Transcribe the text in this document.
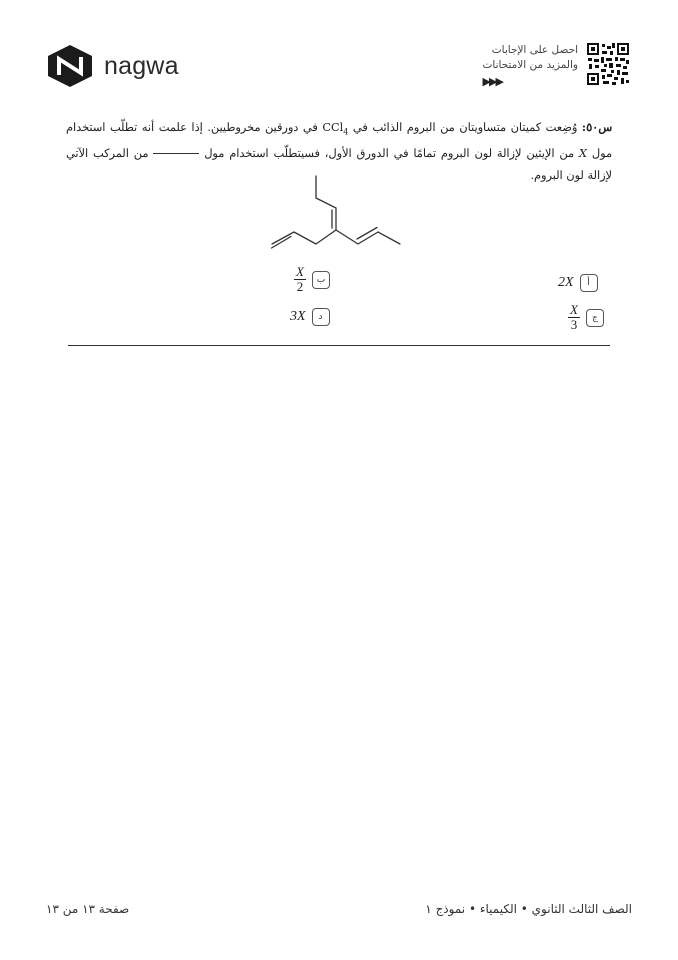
nagwa
احصل على الإجابات
والمزيد من الامتحانات
▶▶▶
س٥٠: وُضِعت كميتان متساويتان من البروم الذائب في CCl$_4$ في دورقين مخروطيين. إذا علمت أنه تطلّب استخدام مول X من الإيثين لإزالة لون البروم تمامًا في الدورق الأول، فسيتطلّب استخدام مول  من المركب الآتي لإزالة لون البروم.
2X	أ
$\frac{X}{2}$	ب
$\frac{X}{3}$	ج
3X	د
صفحة ١٣ من ١٣	الصف الثالث الثانوي • الكيمياء • نموذج ١
